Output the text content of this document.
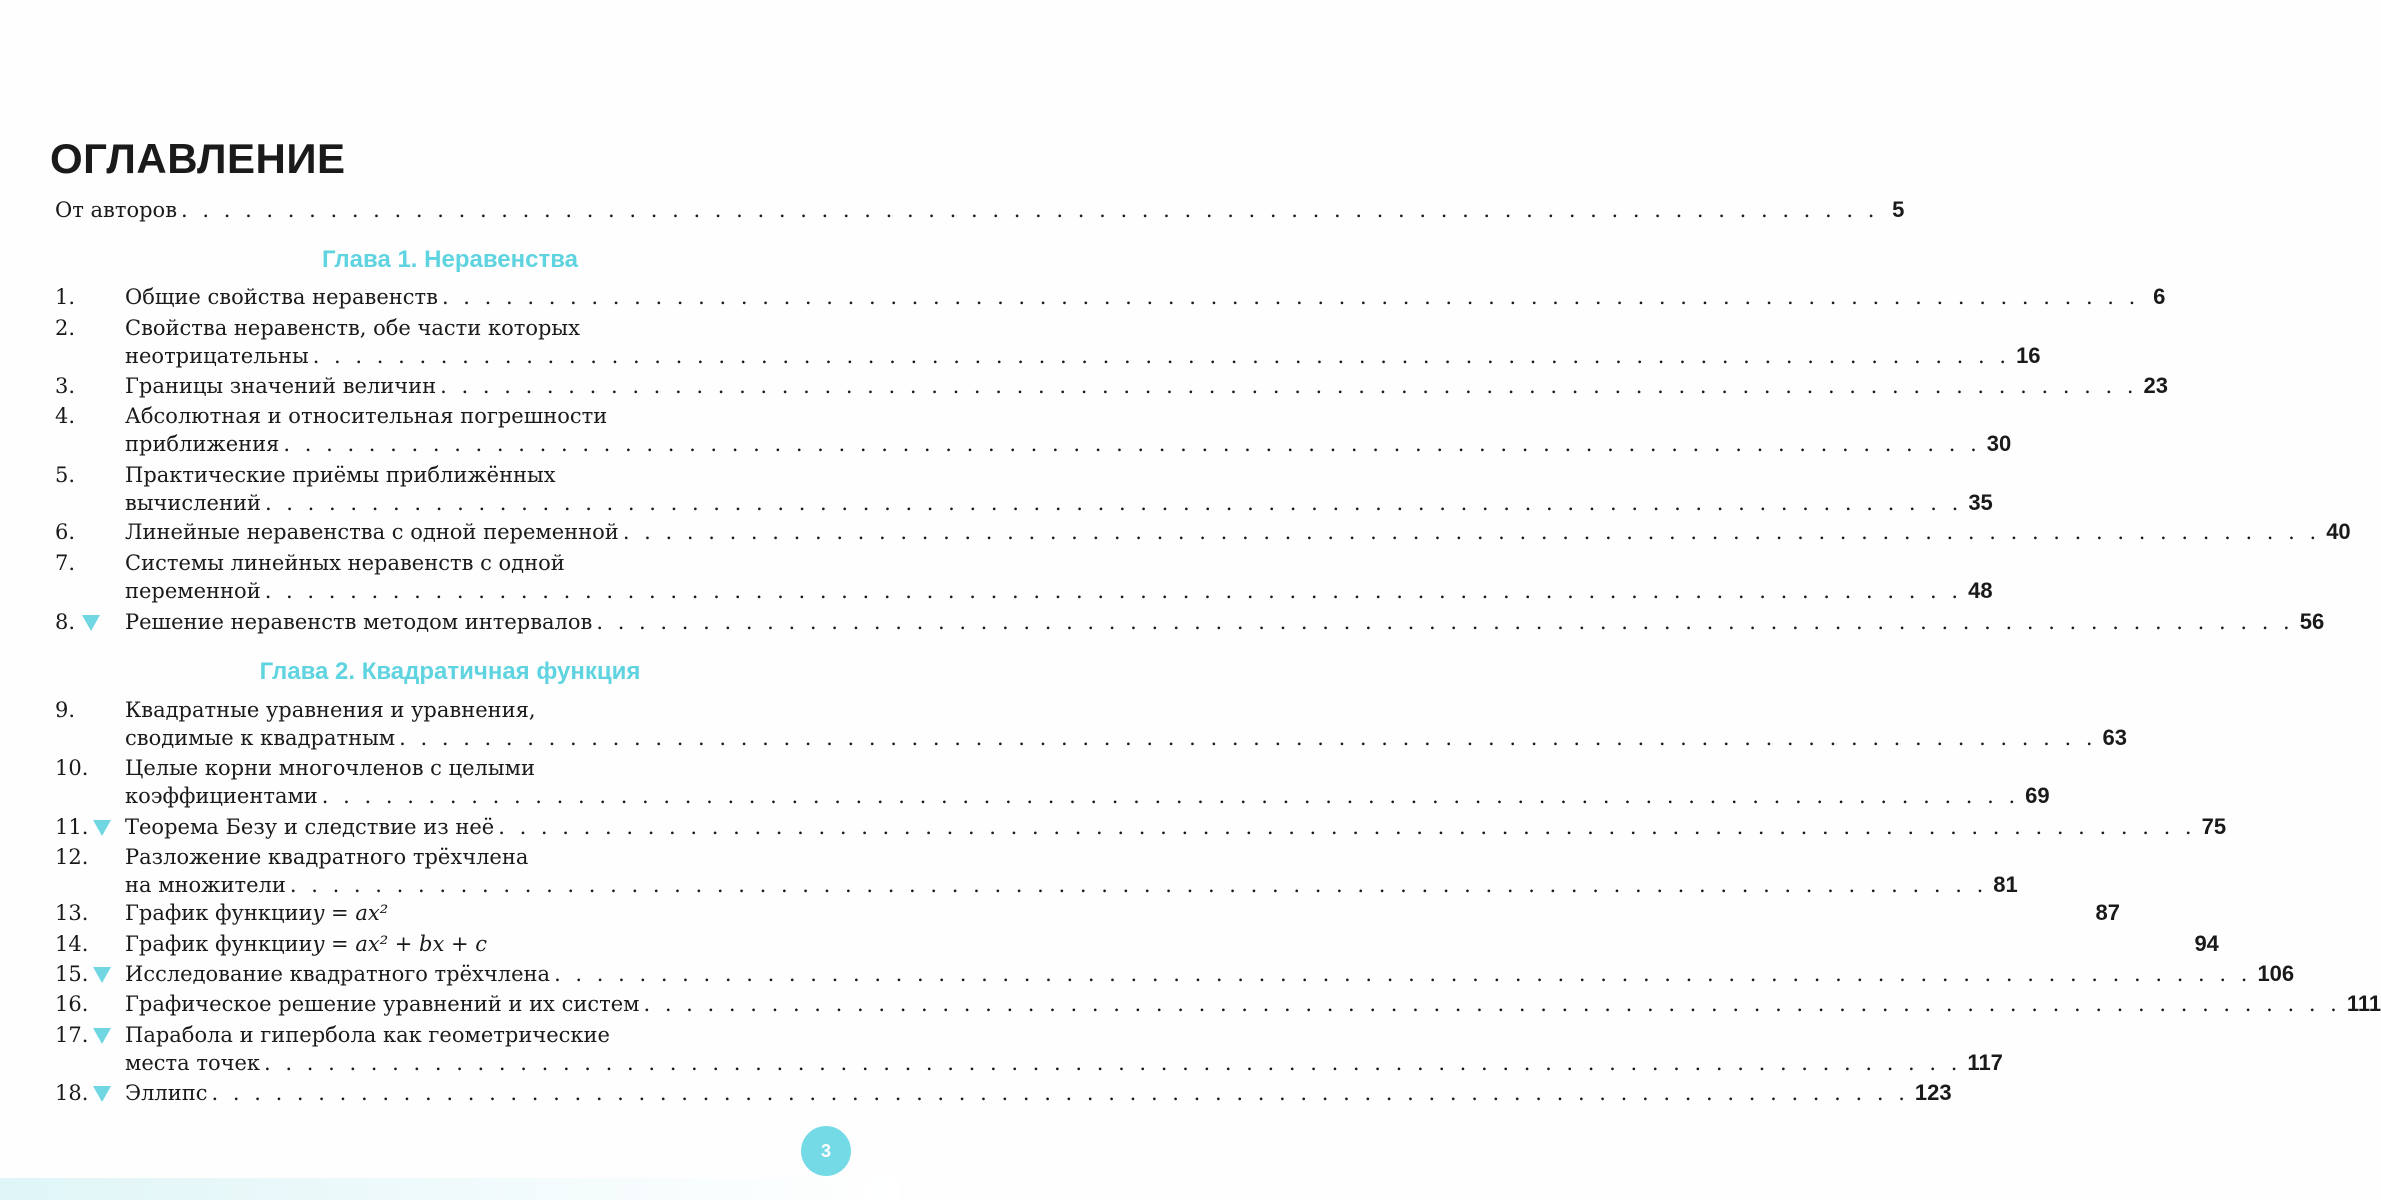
ОГЛАВЛЕНИЕ
От авторов . . . . . . . . . . . . . . . . . . . . . . . . . . . . . . . . . . . . . . . . . . . . . . . . . . . . . . . . . . . . . . . . . . . . . . . . . . . . . . . . 5
Глава 1. Неравенства
1. Общие свойства неравенств . . . . . . . . . . . . . . . . . . . . . . . . . . . . . . . . . . . . . . . . . . . . . . . . . . . . . . . . . . . . . . . . . . . . . . . . . . . . . . . . 6
2. Свойства неравенств, обе части которых
неотрицательны . . . . . . . . . . . . . . . . . . . . . . . . . . . . . . . . . . . . . . . . . . . . . . . . . . . . . . . . . . . . . . . . . . . . . . . . . . . . . . . . 16
3. Границы значений величин . . . . . . . . . . . . . . . . . . . . . . . . . . . . . . . . . . . . . . . . . . . . . . . . . . . . . . . . . . . . . . . . . . . . . . . . . . . . . . . . 23
4. Абсолютная и относительная погрешности
приближения . . . . . . . . . . . . . . . . . . . . . . . . . . . . . . . . . . . . . . . . . . . . . . . . . . . . . . . . . . . . . . . . . . . . . . . . . . . . . . . . 30
5. Практические приёмы приближённых
вычислений . . . . . . . . . . . . . . . . . . . . . . . . . . . . . . . . . . . . . . . . . . . . . . . . . . . . . . . . . . . . . . . . . . . . . . . . . . . . . . . . 35
6. Линейные неравенства с одной переменной . . . . . . . . . . . . . . . . . . . . . . . . . . . . . . . . . . . . . . . . . . . . . . . . . . . . . . . . . . . . . . . . . . . . . . . . . . . . . . . . 40
7. Системы линейных неравенств с одной
переменной . . . . . . . . . . . . . . . . . . . . . . . . . . . . . . . . . . . . . . . . . . . . . . . . . . . . . . . . . . . . . . . . . . . . . . . . . . . . . . . . 48
8. Решение неравенств методом интервалов . . . . . . . . . . . . . . . . . . . . . . . . . . . . . . . . . . . . . . . . . . . . . . . . . . . . . . . . . . . . . . . . . . . . . . . . . . . . . . . . 56
Глава 2. Квадратичная функция
9. Квадратные уравнения и уравнения,
сводимые к квадратным . . . . . . . . . . . . . . . . . . . . . . . . . . . . . . . . . . . . . . . . . . . . . . . . . . . . . . . . . . . . . . . . . . . . . . . . . . . . . . . . 63
10. Целые корни многочленов с целыми
коэффициентами . . . . . . . . . . . . . . . . . . . . . . . . . . . . . . . . . . . . . . . . . . . . . . . . . . . . . . . . . . . . . . . . . . . . . . . . . . . . . . . . 69
11. Теорема Безу и следствие из неё . . . . . . . . . . . . . . . . . . . . . . . . . . . . . . . . . . . . . . . . . . . . . . . . . . . . . . . . . . . . . . . . . . . . . . . . . . . . . . . . 75
12. Разложение квадратного трёхчлена
на множители . . . . . . . . . . . . . . . . . . . . . . . . . . . . . . . . . . . . . . . . . . . . . . . . . . . . . . . . . . . . . . . . . . . . . . . . . . . . . . . . 81
13. График функции y = ax²	87
14. График функции y = ax² + bx + c	94
15. Исследование квадратного трёхчлена . . . . . . . . . . . . . . . . . . . . . . . . . . . . . . . . . . . . . . . . . . . . . . . . . . . . . . . . . . . . . . . . . . . . . . . . . . . . . . . . 106
16. Графическое решение уравнений и их систем . . . . . . . . . . . . . . . . . . . . . . . . . . . . . . . . . . . . . . . . . . . . . . . . . . . . . . . . . . . . . . . . . . . . . . . . . . . . . . . . 111
17. Парабола и гипербола как геометрические
места точек . . . . . . . . . . . . . . . . . . . . . . . . . . . . . . . . . . . . . . . . . . . . . . . . . . . . . . . . . . . . . . . . . . . . . . . . . . . . . . . . 117
18. Эллипс . . . . . . . . . . . . . . . . . . . . . . . . . . . . . . . . . . . . . . . . . . . . . . . . . . . . . . . . . . . . . . . . . . . . . . . . . . . . . . . . 123
3
